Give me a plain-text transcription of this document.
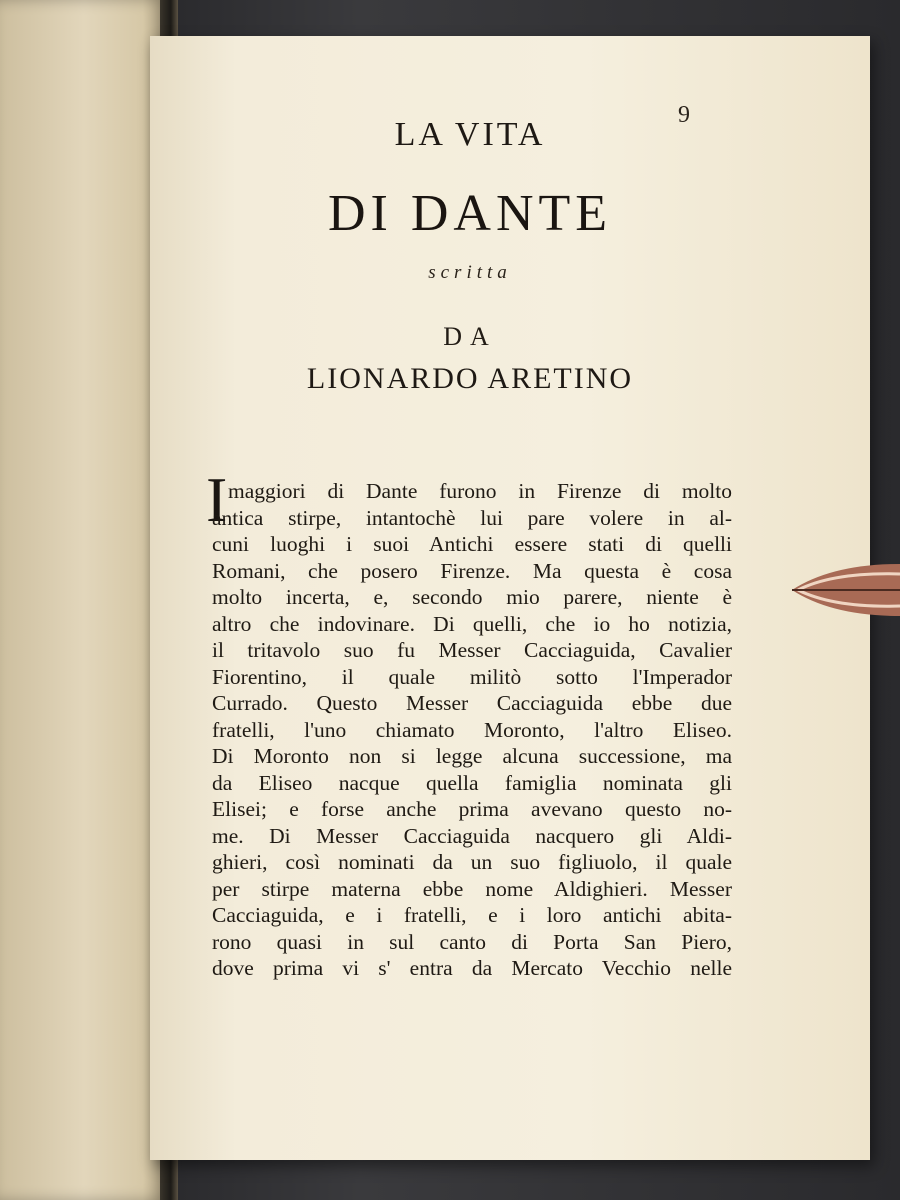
9
LA VITA
DI DANTE
scritta
DA
LIONARDO ARETINO
I maggiori di Dante furono in Firenze di molto
antica stirpe, intantochè lui pare volere in al-
cuni luoghi i suoi Antichi essere stati di quelli
Romani, che posero Firenze. Ma questa è cosa
molto incerta, e, secondo mio parere, niente è
altro che indovinare. Di quelli, che io ho notizia,
il tritavolo suo fu Messer Cacciaguida, Cavalier
Fiorentino, il quale militò sotto l'Imperador
Currado. Questo Messer Cacciaguida ebbe due
fratelli, l'uno chiamato Moronto, l'altro Eliseo.
Di Moronto non si legge alcuna successione, ma
da Eliseo nacque quella famiglia nominata gli
Elisei; e forse anche prima avevano questo no-
me. Di Messer Cacciaguida nacquero gli Aldi-
ghieri, così nominati da un suo figliuolo, il quale
per stirpe materna ebbe nome Aldighieri. Messer
Cacciaguida, e i fratelli, e i loro antichi abita-
rono quasi in sul canto di Porta San Piero,
dove prima vi s' entra da Mercato Vecchio nelle
